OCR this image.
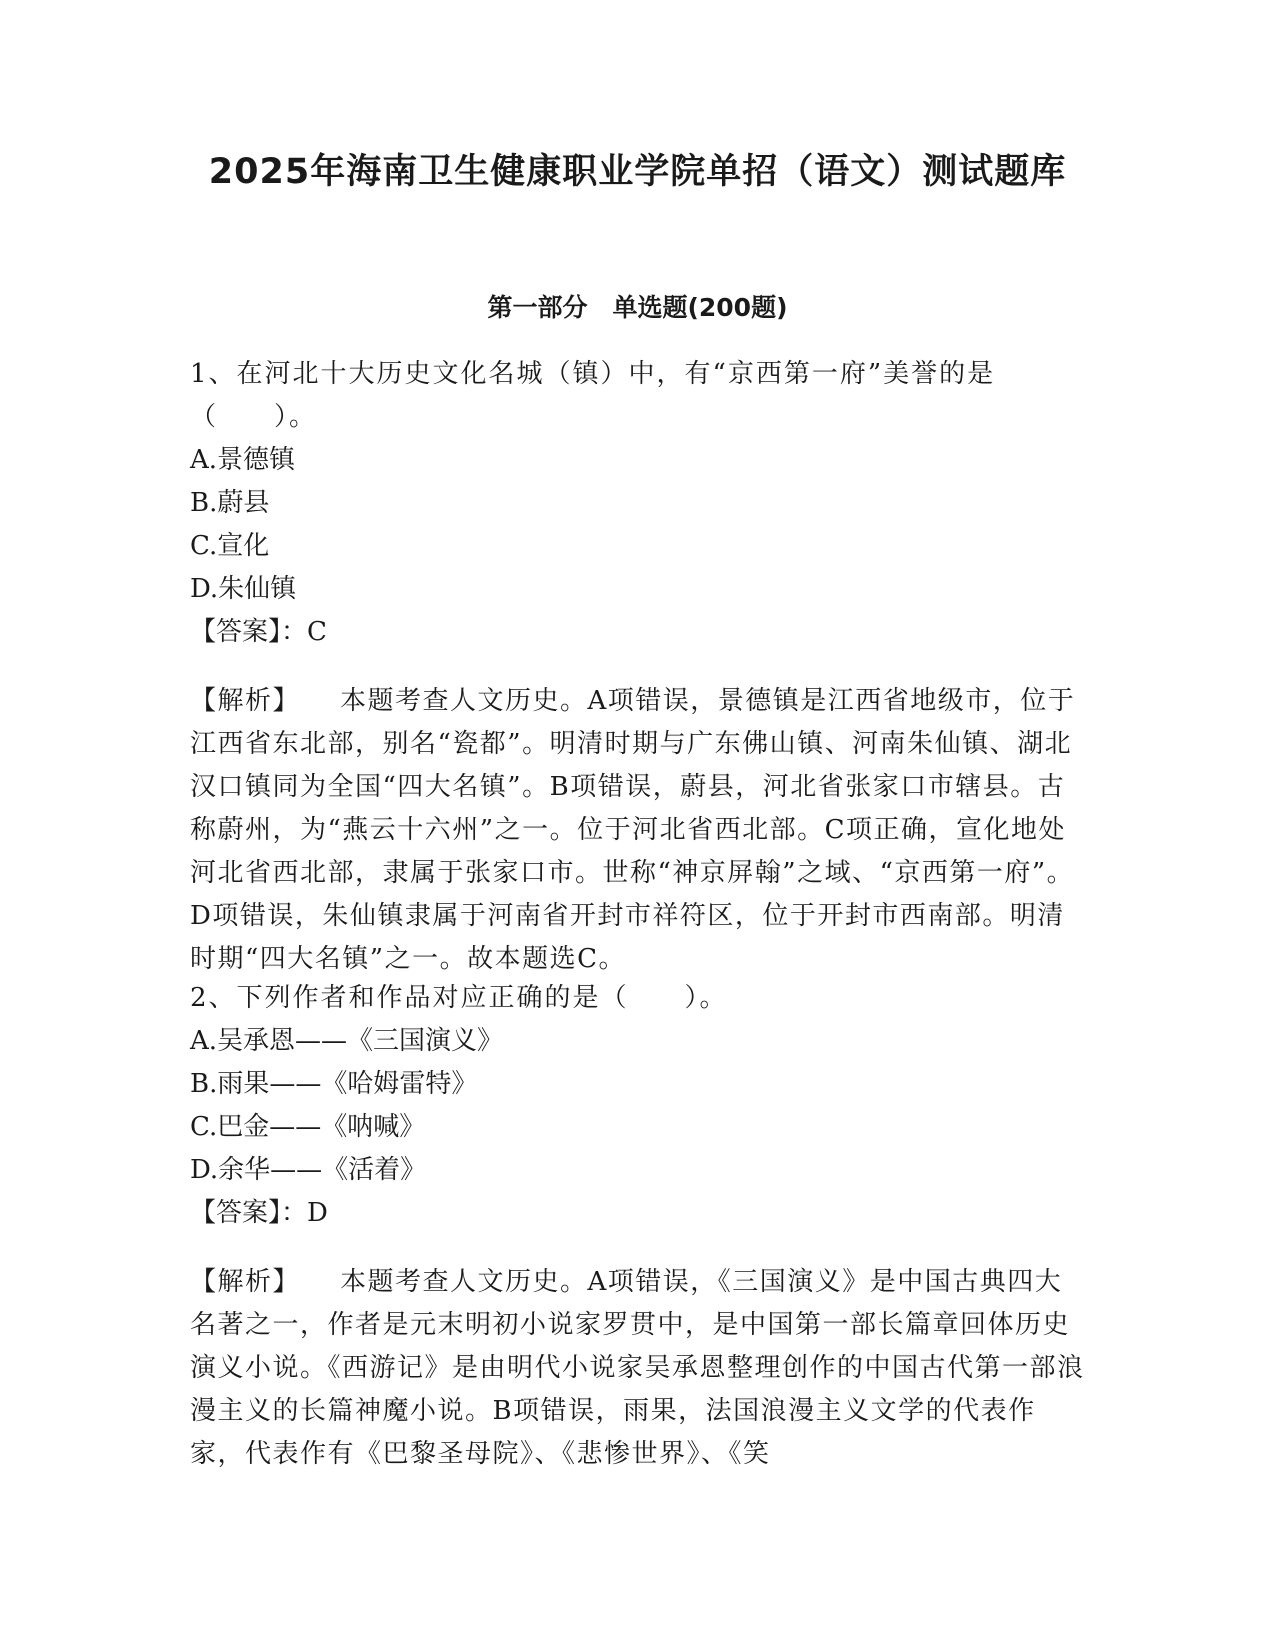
2025年海南卫生健康职业学院单招（语文）测试题库
第一部分　单选题(200题)

1、在河北十大历史文化名城（镇）中，有“京西第一府”美誉的是（　　）。

A.景德镇

B.蔚县

C.宣化

D.朱仙镇

【答案】：C

【解析】 本题考查人文历史。A项错误，景德镇是江西省地级市，位于江西省东北部，别名“瓷都”。明清时期与广东佛山镇、河南朱仙镇、湖北汉口镇同为全国“四大名镇”。B项错误，蔚县，河北省张家口市辖县。古称蔚州，为“燕云十六州”之一。位于河北省西北部。C项正确，宣化地处河北省西北部，隶属于张家口市。世称“神京屏翰”之域、“京西第一府”。D项错误，朱仙镇隶属于河南省开封市祥符区，位于开封市西南部。明清时期“四大名镇”之一。故本题选C。

2、下列作者和作品对应正确的是（　　）。

A.吴承恩——《三国演义》

B.雨果——《哈姆雷特》

C.巴金——《呐喊》

D.余华——《活着》

【答案】：D

【解析】 本题考查人文历史。A项错误，《三国演义》是中国古典四大名著之一，作者是元末明初小说家罗贯中，是中国第一部长篇章回体历史演义小说。《西游记》是由明代小说家吴承恩整理创作的中国古代第一部浪漫主义的长篇神魔小说。B项错误，雨果，法国浪漫主义文学的代表作家，代表作有《巴黎圣母院》、《悲惨世界》、《笑
